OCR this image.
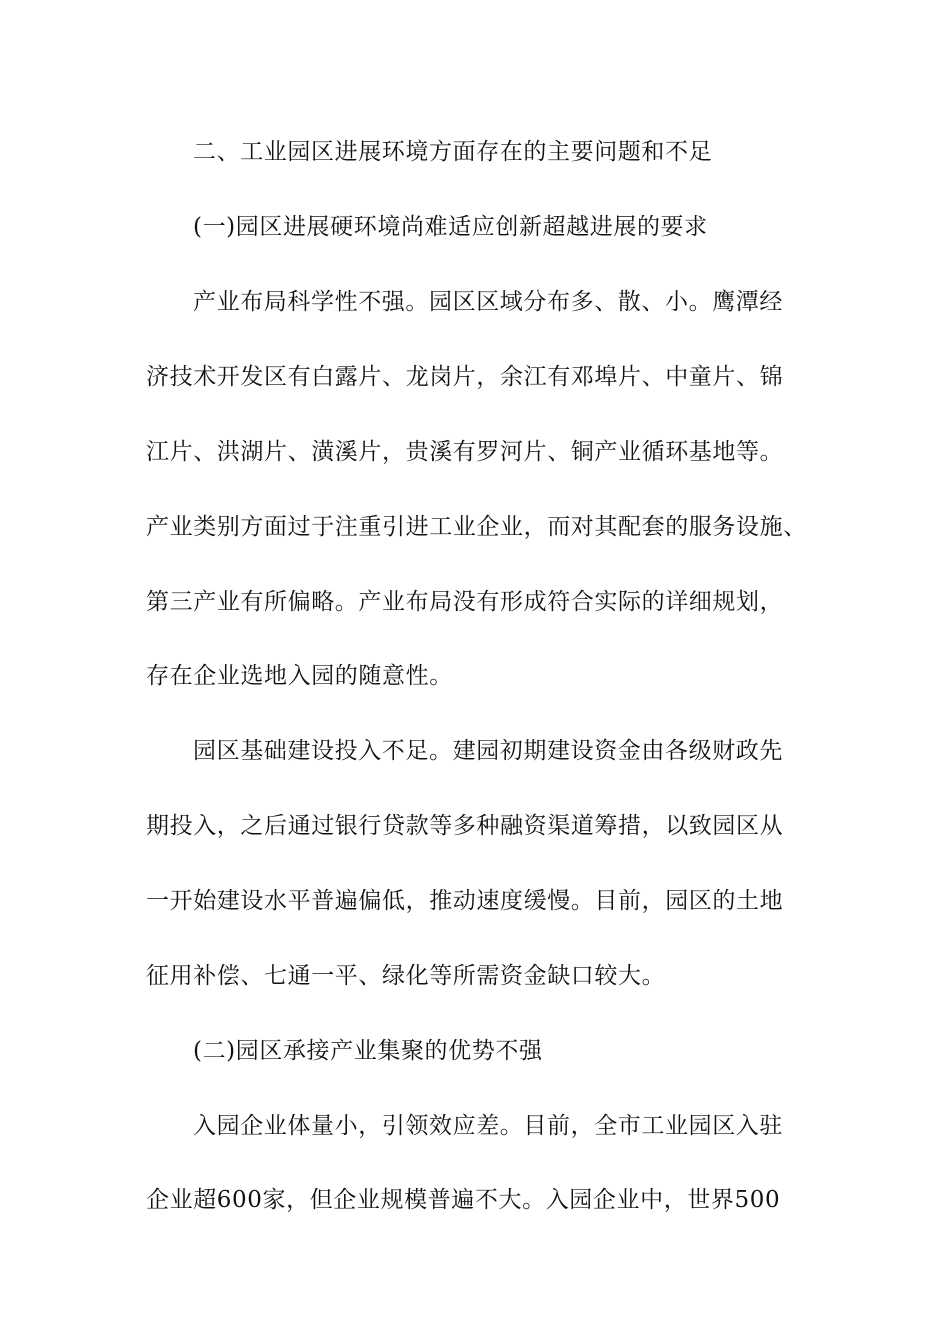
二、工业园区进展环境方面存在的主要问题和不足
(一)园区进展硬环境尚难适应创新超越进展的要求
产业布局科学性不强。园区区域分布多、散、小。鹰潭经
济技术开发区有白露片、龙岗片，余江有邓埠片、中童片、锦
江片、洪湖片、潢溪片，贵溪有罗河片、铜产业循环基地等。
产业类别方面过于注重引进工业企业，而对其配套的服务设施、
第三产业有所偏略。产业布局没有形成符合实际的详细规划，
存在企业选地入园的随意性。
园区基础建设投入不足。建园初期建设资金由各级财政先
期投入，之后通过银行贷款等多种融资渠道筹措，以致园区从
一开始建设水平普遍偏低，推动速度缓慢。目前，园区的土地
征用补偿、七通一平、绿化等所需资金缺口较大。
(二)园区承接产业集聚的优势不强
入园企业体量小，引领效应差。目前，全市工业园区入驻
企业超600家，但企业规模普遍不大。入园企业中，世界500
